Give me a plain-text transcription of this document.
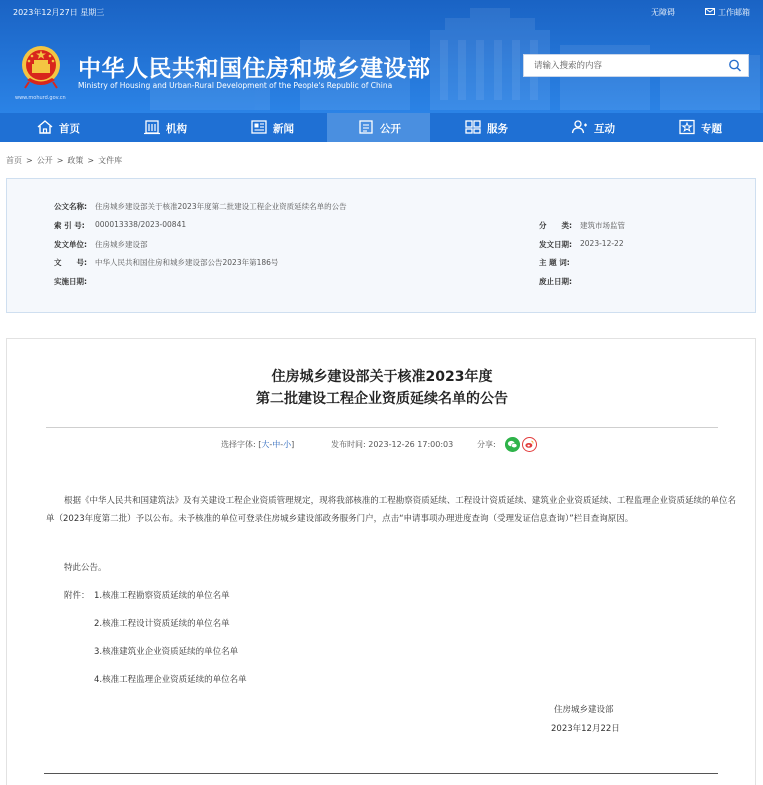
2023年12月27日 星期三	无障碍	工作邮箱
www.mohurd.gov.cn
中华人民共和国住房和城乡建设部
Ministry of Housing and Urban-Rural Development of the People's Republic of China
请输入搜索的内容
首页	机构	新闻	公开	服务	互动	专题
首页 > 公开 > 政策 > 文件库
公文名称: 住房城乡建设部关于核准2023年度第二批建设工程企业资质延续名单的公告
索 引 号: 000013338/2023-00841	分　　类: 建筑市场监管
发文单位: 住房城乡建设部	发文日期: 2023-12-22
文　　号: 中华人民共和国住房和城乡建设部公告2023年第186号	主 题 词:
实施日期:	废止日期:
住房城乡建设部关于核准2023年度
第二批建设工程企业资质延续名单的公告
选择字体: [大-中-小]	发布时间: 2023-12-26 17:00:03	分享:
根据《中华人民共和国建筑法》及有关建设工程企业资质管理规定，现将我部核准的工程勘察资质延续、工程设计资质延续、建筑业企业资质延续、工程监理企业资质延续的单位名单（2023年度第二批）予以公布。未予核准的单位可登录住房城乡建设部政务服务门户，点击“申请事项办理进度查询（受理发证信息查询）”栏目查询原因。
特此公告。
附件： 1.核准工程勘察资质延续的单位名单
2.核准工程设计资质延续的单位名单
3.核准建筑业企业资质延续的单位名单
4.核准工程监理企业资质延续的单位名单
住房城乡建设部
2023年12月22日
